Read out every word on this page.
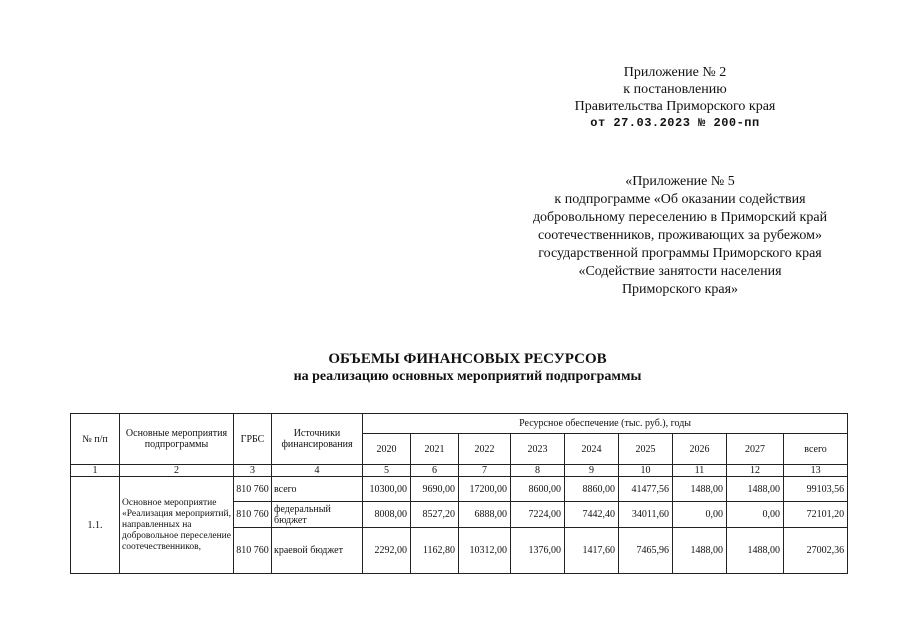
Приложение № 2
к постановлению
Правительства Приморского края
от 27.03.2023 № 200-пп
«Приложение № 5
к подпрограмме «Об оказании содействия
добровольному переселению в Приморский край
соотечественников, проживающих за рубежом»
государственной программы Приморского края
«Содействие занятости населения
Приморского края»
ОБЪЕМЫ ФИНАНСОВЫХ РЕСУРСОВ
на реализацию основных мероприятий подпрограммы
№ п/п	Основные мероприятия подпрограммы	ГРБС	Источники финансирования	Ресурсное обеспечение (тыс. руб.), годы								
				2020	2021	2022	2023	2024	2025	2026	2027	всего
1	2	3	4	5	6	7	8	9	10	11	12	13
1.1.	Основное мероприятие «Реализация мероприятий, направленных на добровольное переселение соотечественников,	810 760	всего	10300,00	9690,00	17200,00	8600,00	8860,00	41477,56	1488,00	1488,00	99103,56
		810 760	федеральный бюджет	8008,00	8527,20	6888,00	7224,00	7442,40	34011,60	0,00	0,00	72101,20
		810 760	краевой бюджет	2292,00	1162,80	10312,00	1376,00	1417,60	7465,96	1488,00	1488,00	27002,36
